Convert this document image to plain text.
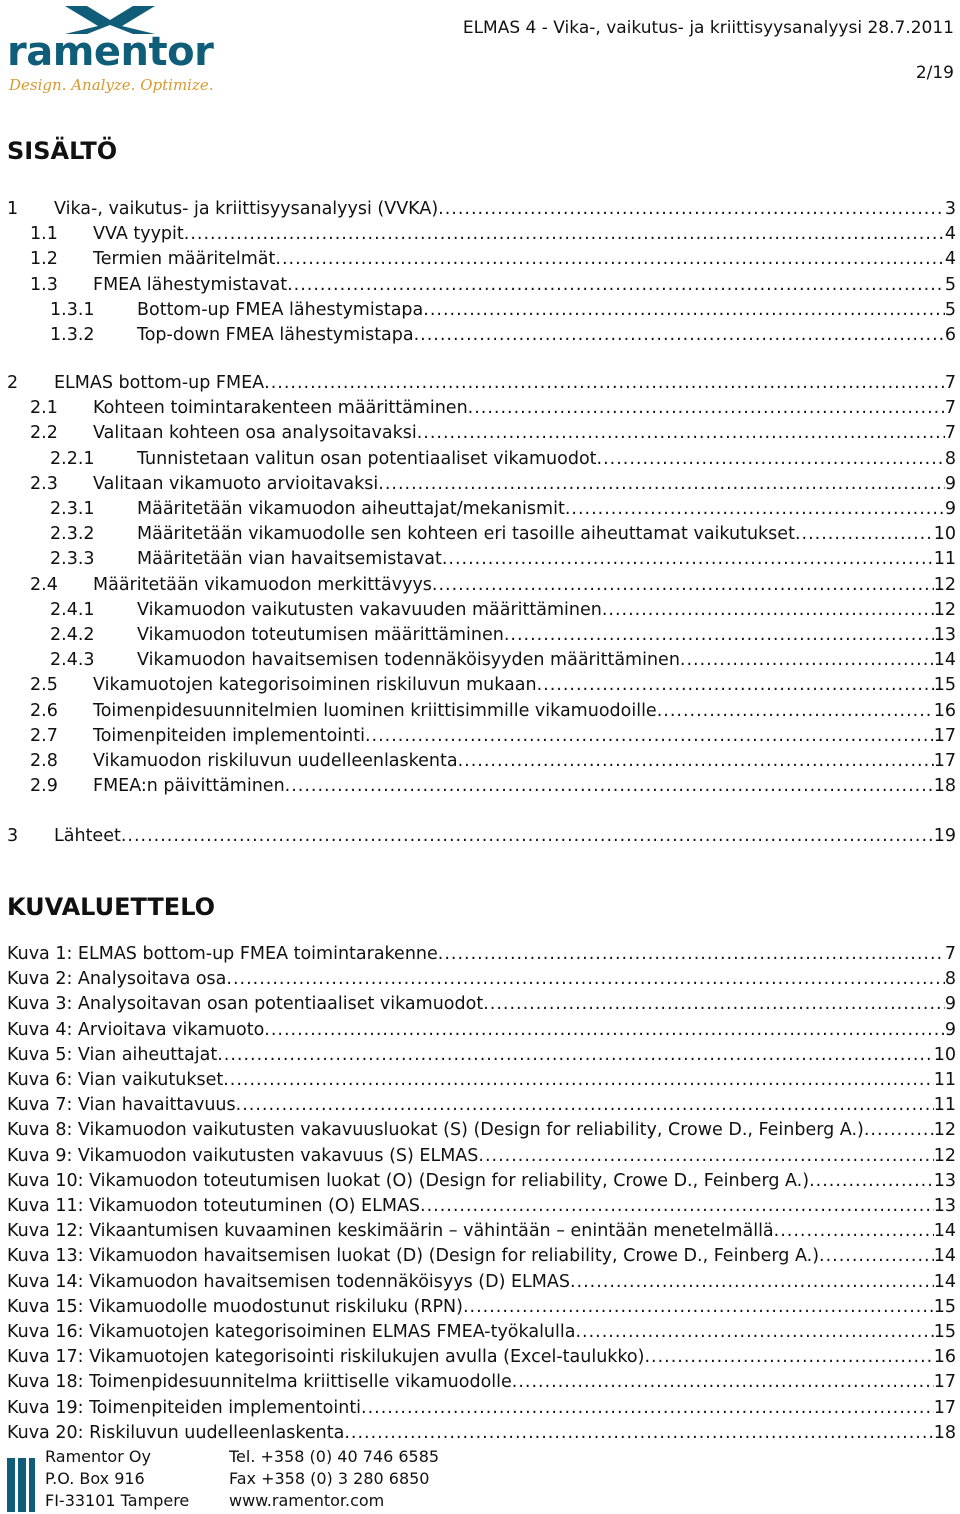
ramentor
Design. Analyze. Optimize.
ELMAS 4 - Vika-, vaikutus- ja kriittisyysanalyysi 28.7.2011
2/19
SISÄLTÖ
1	Vika-, vaikutus- ja kriittisyysanalyysi (VVKA) .....	3
1.1	VVA tyypit .....	4
1.2	Termien määritelmät .....	4
1.3	FMEA lähestymistavat .....	5
1.3.1	Bottom-up FMEA lähestymistapa .....	5
1.3.2	Top-down FMEA lähestymistapa .....	6
2	ELMAS bottom-up FMEA .....	7
2.1	Kohteen toimintarakenteen määrittäminen .....	7
2.2	Valitaan kohteen osa analysoitavaksi .....	7
2.2.1	Tunnistetaan valitun osan potentiaaliset vikamuodot .....	8
2.3	Valitaan vikamuoto arvioitavaksi .....	9
2.3.1	Määritetään vikamuodon aiheuttajat/mekanismit .....	9
2.3.2	Määritetään vikamuodolle sen kohteen eri tasoille aiheuttamat vaikutukset .....	10
2.3.3	Määritetään vian havaitsemistavat .....	11
2.4	Määritetään vikamuodon merkittävyys .....	12
2.4.1	Vikamuodon vaikutusten vakavuuden määrittäminen .....	12
2.4.2	Vikamuodon toteutumisen määrittäminen .....	13
2.4.3	Vikamuodon havaitsemisen todennäköisyyden määrittäminen .....	14
2.5	Vikamuotojen kategorisoiminen riskiluvun mukaan .....	15
2.6	Toimenpidesuunnitelmien luominen kriittisimmille vikamuodoille .....	16
2.7	Toimenpiteiden implementointi .....	17
2.8	Vikamuodon riskiluvun uudelleenlaskenta .....	17
2.9	FMEA:n päivittäminen .....	18
3	Lähteet .....	19
KUVALUETTELO
Kuva 1: ELMAS bottom-up FMEA toimintarakenne .....	7
Kuva 2: Analysoitava osa .....	8
Kuva 3: Analysoitavan osan potentiaaliset vikamuodot .....	9
Kuva 4: Arvioitava vikamuoto .....	9
Kuva 5: Vian aiheuttajat .....	10
Kuva 6: Vian vaikutukset .....	11
Kuva 7: Vian havaittavuus .....	11
Kuva 8: Vikamuodon vaikutusten vakavuusluokat (S) (Design for reliability, Crowe D., Feinberg A.) .....	12
Kuva 9: Vikamuodon vaikutusten vakavuus (S) ELMAS .....	12
Kuva 10: Vikamuodon toteutumisen luokat (O) (Design for reliability, Crowe D., Feinberg A.) .....	13
Kuva 11: Vikamuodon toteutuminen (O) ELMAS .....	13
Kuva 12: Vikaantumisen kuvaaminen keskimäärin – vähintään – enintään menetelmällä .....	14
Kuva 13: Vikamuodon havaitsemisen luokat (D) (Design for reliability, Crowe D., Feinberg A.) .....	14
Kuva 14: Vikamuodon havaitsemisen todennäköisyys (D) ELMAS .....	14
Kuva 15: Vikamuodolle muodostunut riskiluku (RPN) .....	15
Kuva 16: Vikamuotojen kategorisoiminen ELMAS FMEA-työkalulla .....	15
Kuva 17: Vikamuotojen kategorisointi riskilukujen avulla (Excel-taulukko) .....	16
Kuva 18: Toimenpidesuunnitelma kriittiselle vikamuodolle .....	17
Kuva 19: Toimenpiteiden implementointi .....	17
Kuva 20: Riskiluvun uudelleenlaskenta .....	18
Ramentor Oy
P.O. Box 916
FI-33101 Tampere
Tel. +358 (0) 40 746 6585
Fax +358 (0) 3 280 6850
www.ramentor.com
